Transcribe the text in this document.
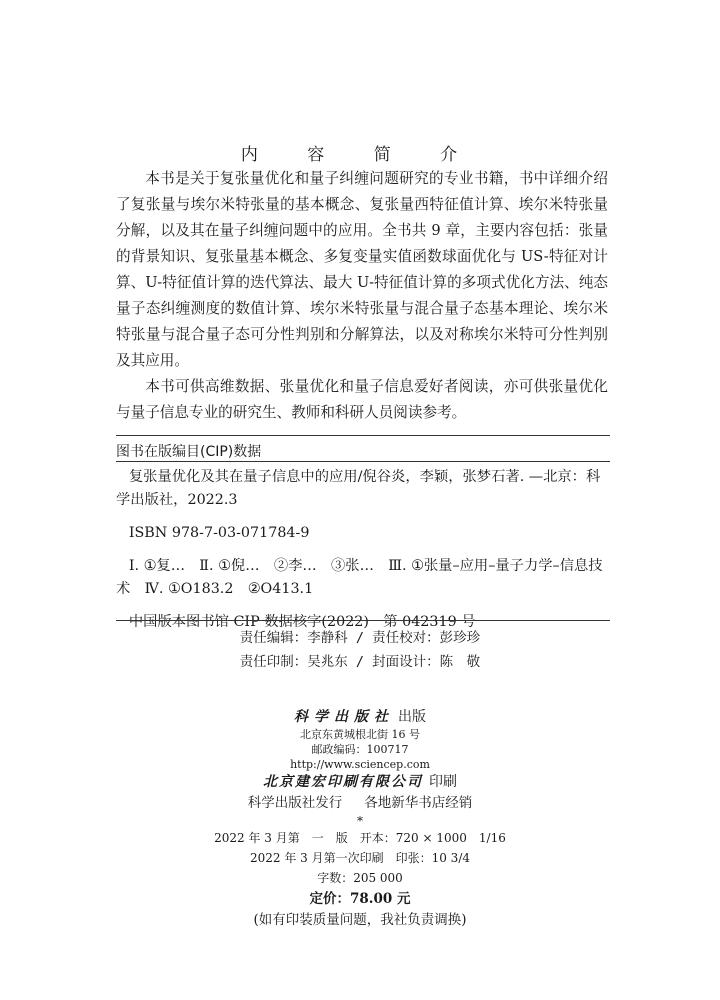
内 容 简 介

本书是关于复张量优化和量子纠缠问题研究的专业书籍，书中详细介绍了复张量与埃尔米特张量的基本概念、复张量西特征值计算、埃尔米特张量分解，以及其在量子纠缠问题中的应用。全书共 9 章，主要内容包括：张量的背景知识、复张量基本概念、多复变量实值函数球面优化与 US-特征对计算、U-特征值计算的迭代算法、最大 U-特征值计算的多项式优化方法、纯态量子态纠缠测度的数值计算、埃尔米特张量与混合量子态基本理论、埃尔米特张量与混合量子态可分性判别和分解算法，以及对称埃尔米特可分性判别及其应用。

本书可供高维数据、张量优化和量子信息爱好者阅读，亦可供张量优化与量子信息专业的研究生、教师和科研人员阅读参考。

图书在版编目(CIP)数据

复张量优化及其在量子信息中的应用/倪谷炎，李颖，张梦石著. —北京：科学出版社，2022.3

ISBN 978-7-03-071784-9

Ⅰ. ①复…　Ⅱ. ①倪…　②李…　③张…　Ⅲ. ①张量–应用–量子力学–信息技术　Ⅳ. ①O183.2　②O413.1

中国版本图书馆 CIP 数据核字(2022)　第 042319 号

责任编辑：李静科 / 责任校对：彭珍珍
责任印制：吴兆东 / 封面设计：陈　敬
科学出版社 出版
北京东黄城根北街 16 号
邮政编码：100717
http://www.sciencep.com
北京建宏印刷有限公司 印刷
科学出版社发行 各地新华书店经销
*
2022 年 3 月第　一　版　开本：720 × 1000　1/16
2022 年 3 月第一次印刷　印张：10 3/4
字数：205 000
定价：78.00 元
(如有印装质量问题，我社负责调换)
